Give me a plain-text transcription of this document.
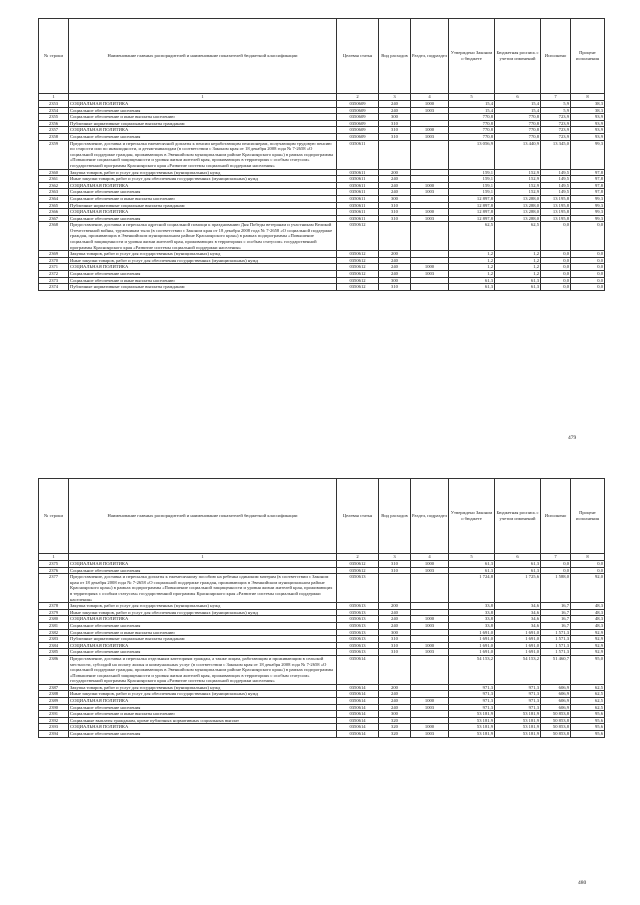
№ строки	Наименование главных распорядителей и наименование показателей бюджетной классификации	Целевая статья	Вид расходов	Раздел, подраздел	Утверждено Законом о бюджете	Бюджетная роспись с учетом изменений	Исполнено	Процент исполнения
1	1	2	3	4	5	6	7	8
2353	СОЦИАЛЬНАЯ ПОЛИТИКА	0350609	240	1000	15,4	15,4	5,9	38,3
2354	Социальное обеспечение населения	0350609	240	1003	15,4	15,4	5,9	38,3
2355	Социальное обеспечение и иные выплаты населению	0350609	300		770,8	770,8	723,9	93,9
2356	Публичные нормативные социальные выплаты гражданам	0350609	310		770,8	770,8	723,9	93,9
2357	СОЦИАЛЬНАЯ ПОЛИТИКА	0350609	310	1000	770,8	770,8	723,9	93,9
2358	Социальное обеспечение населения	0350609	310	1003	770,8	770,8	723,9	93,9
2359	Предоставление, доставка и пересылка ежемесячной доплаты к пенсии неработающим пенсионерам, получающим трудовую пенсию по старости или по инвалидности, и детям-инвалидам (в соответствии с Законом края от 18 декабря 2008 года № 7-2658 «О социальной поддержке граждан, проживающих в Эвенкийском муниципальном районе Красноярского края») в рамках подпрограммы «Повышение социальной защищенности и уровня жизни жителей края, проживающих в территориях с особым статусом» государственной программы Красноярского края «Развитие системы социальной поддержки населения»	0350611			13 056,9	13 440,9	13 345,0	99,3
2360	Закупка товаров, работ и услуг для государственных (муниципальных) нужд	0350611	200		159,1	152,9	149,5	97,8
2361	Иные закупки товаров, работ и услуг для обеспечения государственных (муниципальных) нужд	0350611	240		159,1	152,9	149,5	97,8
2362	СОЦИАЛЬНАЯ ПОЛИТИКА	0350611	240	1000	159,1	152,9	149,5	97,8
2363	Социальное обеспечение населения	0350611	240	1003	159,1	152,9	149,5	97,8
2364	Социальное обеспечение и иные выплаты населению	0350611	300		12 897,8	13 288,0	13 195,8	99,3
2365	Публичные нормативные социальные выплаты гражданам	0350611	310		12 897,8	13 288,0	13 195,8	99,3
2366	СОЦИАЛЬНАЯ ПОЛИТИКА	0350611	310	1000	12 897,8	13 288,0	13 195,8	99,3
2367	Социальное обеспечение населения	0350611	310	1003	12 897,8	13 288,0	13 195,8	99,3
2368	Предоставление, доставка и пересылка адресной социальной помощи к празднованию Дня Победы ветеранам и участникам Великой Отечественной войны, труженикам тыла (в соответствии с Законом края от 18 декабря 2008 года № 7-2658 «О социальной поддержке граждан, проживающих в Эвенкийском муниципальном районе Красноярского края») в рамках подпрограммы «Повышение социальной защищенности и уровня жизни жителей края, проживающих в территориях с особым статусом» государственной программы Красноярского края «Развитие системы социальной поддержки населения»	0350612			62,5	62,5	0,0	0,0
2369	Закупка товаров, работ и услуг для государственных (муниципальных) нужд	0350612	200		1,2	1,2	0,0	0,0
2370	Иные закупки товаров, работ и услуг для обеспечения государственных (муниципальных) нужд	0350612	240		1,2	1,2	0,0	0,0
2371	СОЦИАЛЬНАЯ ПОЛИТИКА	0350612	240	1000	1,2	1,2	0,0	0,0
2372	Социальное обеспечение населения	0350612	240	1003	1,2	1,2	0,0	0,0
2373	Социальное обеспечение и иные выплаты населению	0350612	300		61,3	61,3	0,0	0,0
2374	Публичные нормативные социальные выплаты гражданам	0350612	310		61,3	61,3	0,0	0,0
479
№ строки	Наименование главных распорядителей и наименование показателей бюджетной классификации	Целевая статья	Вид расходов	Раздел, подраздел	Утверждено Законом о бюджете	Бюджетная роспись с учетом изменений	Исполнено	Процент исполнения
1	1	2	3	4	5	6	7	8
2375	СОЦИАЛЬНАЯ ПОЛИТИКА	0350612	310	1000	61,3	61,3	0,0	0,0
2376	Социальное обеспечение населения	0350612	310	1003	61,3	61,3	0,0	0,0
2377	Предоставление, доставка и пересылка доплаты к ежемесячному пособию на ребенка одиноким матерям (в соответствии с Законом края от 18 декабря 2008 года № 7-2658 «О социальной поддержке граждан, проживающих в Эвенкийском муниципальном районе Красноярского края») в рамках подпрограммы «Повышение социальной защищенности и уровня жизни жителей края, проживающих в территориях с особым статусом» государственной программы Красноярского края «Развитие системы социальной поддержки населения»	0350613			1 724,8	1 725,6	1 588,0	92,0
2378	Закупка товаров, работ и услуг для государственных (муниципальных) нужд	0350613	200		33,8	34,6	16,7	48,3
2379	Иные закупки товаров, работ и услуг для обеспечения государственных (муниципальных) нужд	0350613	240		33,8	34,6	16,7	48,3
2380	СОЦИАЛЬНАЯ ПОЛИТИКА	0350613	240	1000	33,8	34,6	16,7	48,3
2381	Социальное обеспечение населения	0350613	240	1003	33,8	34,6	16,7	48,3
2382	Социальное обеспечение и иные выплаты населению	0350613	300		1 691,0	1 691,0	1 571,3	92,9
2383	Публичные нормативные социальные выплаты гражданам	0350613	310		1 691,0	1 691,0	1 571,3	92,9
2384	СОЦИАЛЬНАЯ ПОЛИТИКА	0350613	310	1000	1 691,0	1 691,0	1 571,3	92,9
2385	Социальное обеспечение населения	0350613	310	1003	1 691,0	1 691,0	1 571,3	92,9
2386	Предоставление, доставка и пересылка отдельным категориям граждан, а также лицам, работающим и проживающим в сельской местности, субсидий на оплату жилья и коммунальных услуг (в соответствии с Законом края от 18 декабря 2008 года № 7-2658 «О социальной поддержке граждан, проживающих в Эвенкийском муниципальном районе Красноярского края») в рамках подпрограммы «Повышение социальной защищенности и уровня жизни жителей края, проживающих в территориях с особым статусом» государственной программы Красноярского края «Развитие системы социальной поддержки населения»	0350614			54 153,2	54 153,2	51 460,7	95,0
2387	Закупка товаров, работ и услуг для государственных (муниципальных) нужд	0350614	200		971,3	971,3	606,9	62,5
2388	Иные закупки товаров, работ и услуг для обеспечения государственных (муниципальных) нужд	0350614	240		971,3	971,3	606,9	62,5
2389	СОЦИАЛЬНАЯ ПОЛИТИКА	0350614	240	1000	971,3	971,3	606,9	62,5
2390	Социальное обеспечение населения	0350614	240	1003	971,3	971,3	606,9	62,5
2391	Социальное обеспечение и иные выплаты населению	0350614	300		53 181,9	53 181,9	50 853,8	95,6
2392	Социальные выплаты гражданам, кроме публичных нормативных социальных выплат	0350614	320		53 181,9	53 181,9	50 853,8	95,6
2393	СОЦИАЛЬНАЯ ПОЛИТИКА	0350614	320	1000	53 181,9	53 181,9	50 853,8	95,6
2394	Социальное обеспечение населения	0350614	320	1003	53 181,9	53 181,9	50 853,8	95,6
480
